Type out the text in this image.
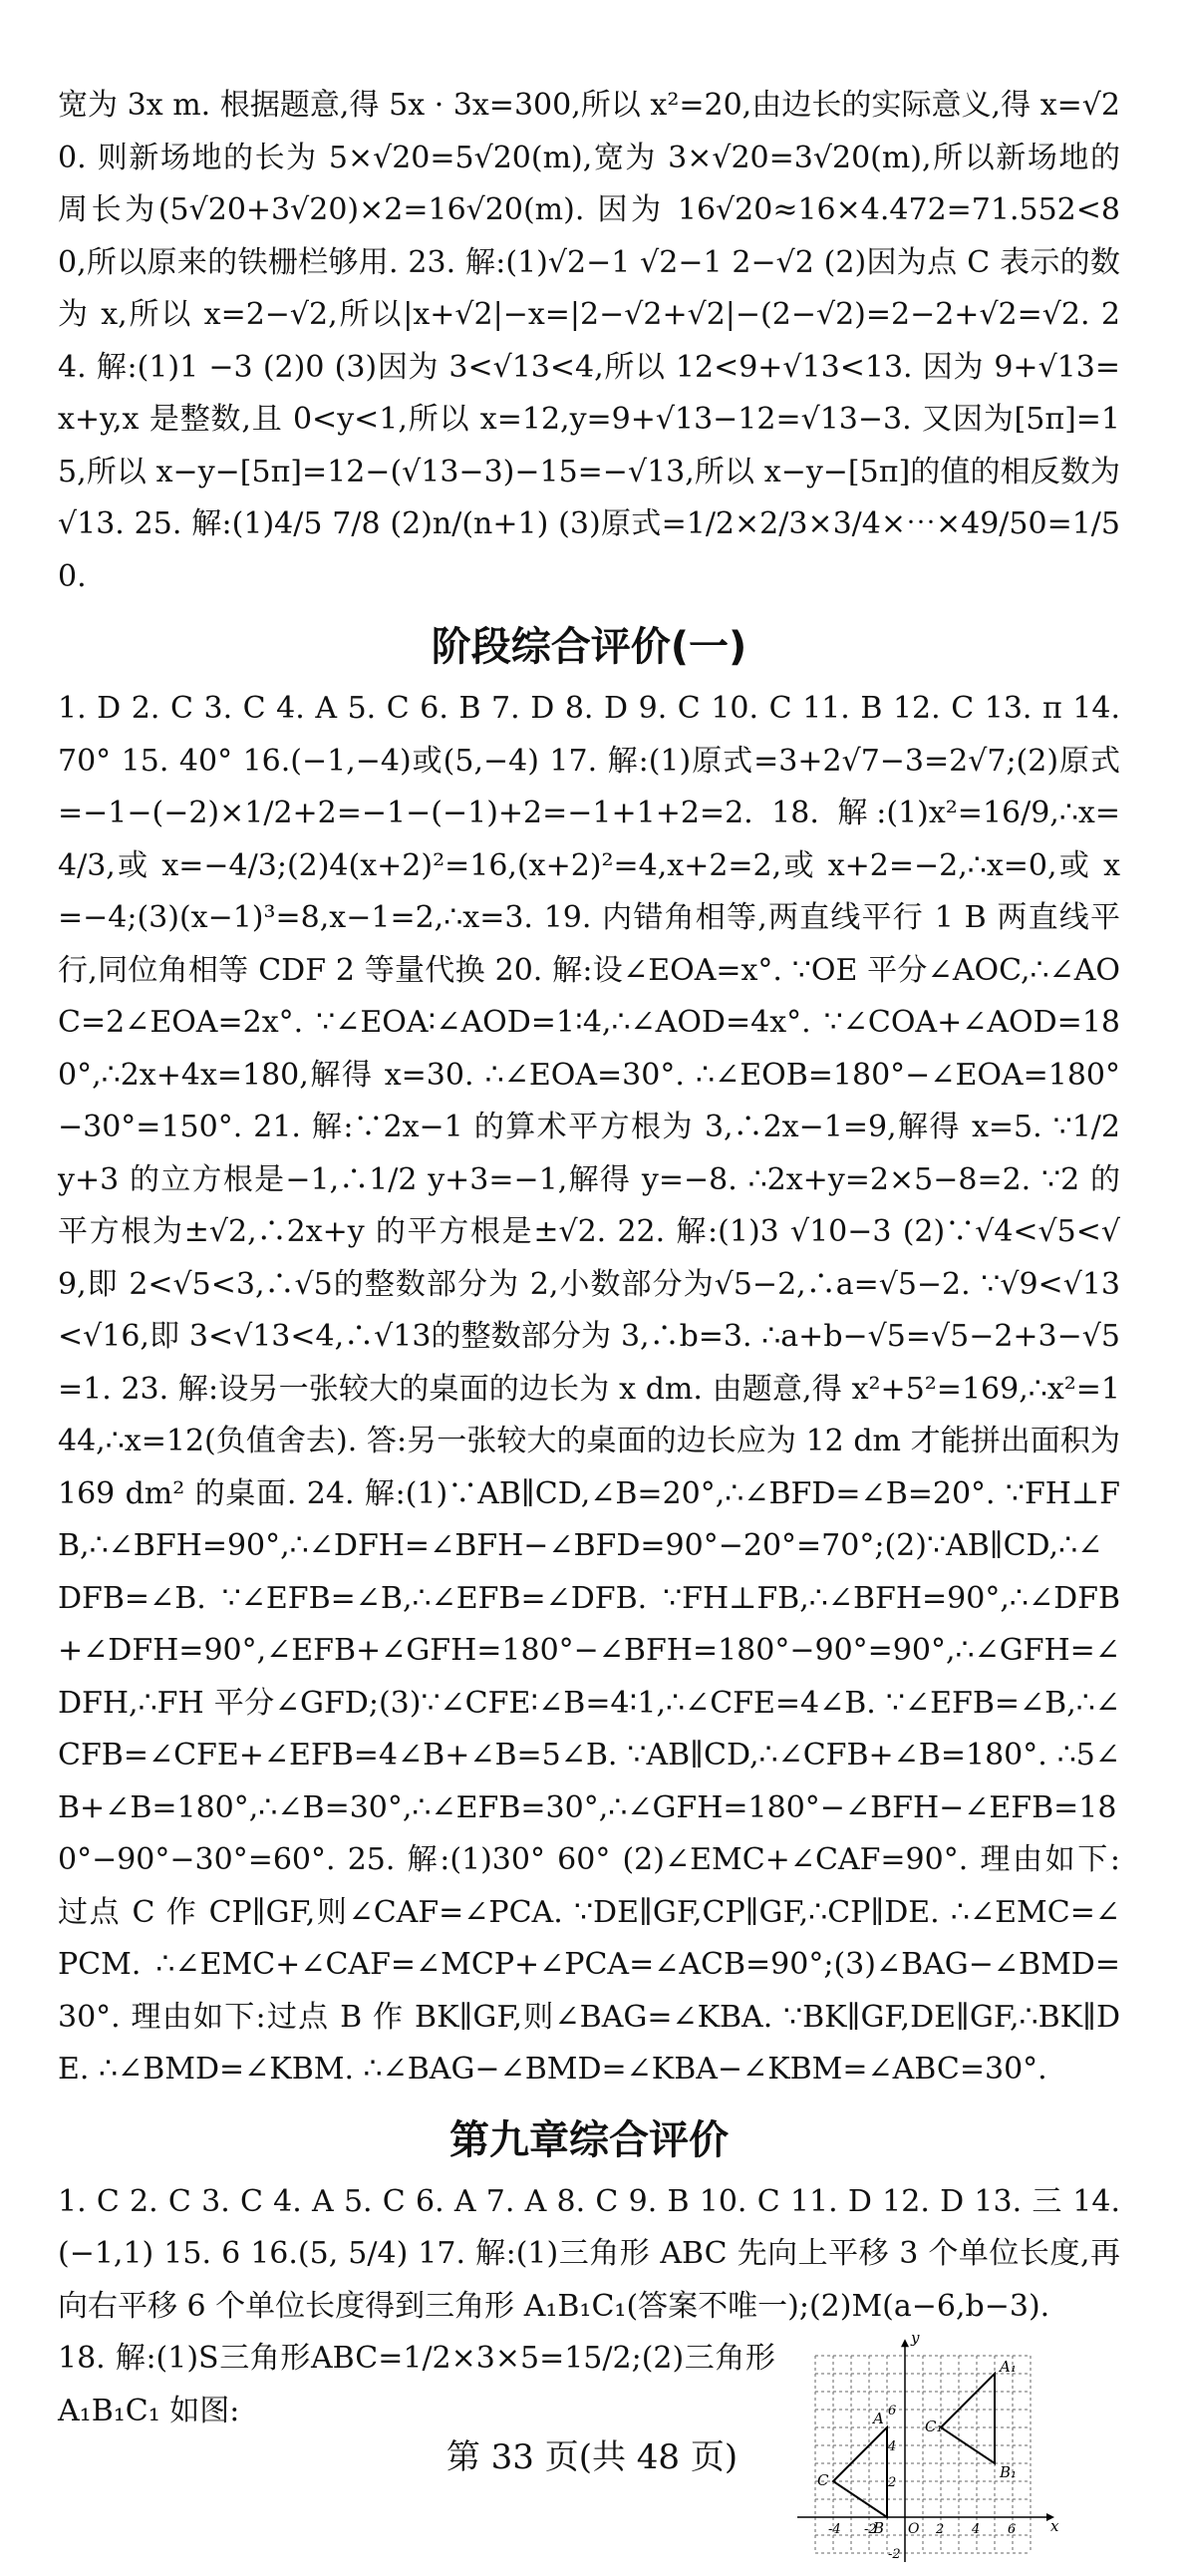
宽为 3x m. 根据题意,得 5x · 3x=300,所以 x²=20,由边长的实际意义,得 x=√20. 则新场地的长为 5×√20=5√20(m),宽为 3×√20=3√20(m),所以新场地的周长为(5√20+3√20)×2=16√20(m). 因为 16√20≈16×4.472=71.552<80,所以原来的铁栅栏够用. 23. 解:(1)√2−1 √2−1 2−√2 (2)因为点 C 表示的数为 x,所以 x=2−√2,所以|x+√2|−x=|2−√2+√2|−(2−√2)=2−2+√2=√2. 24. 解:(1)1 −3 (2)0 (3)因为 3<√13<4,所以 12<9+√13<13. 因为 9+√13=x+y,x 是整数,且 0<y<1,所以 x=12,y=9+√13−12=√13−3. 又因为[5π]=15,所以 x−y−[5π]=12−(√13−3)−15=−√13,所以 x−y−[5π]的值的相反数为 √13. 25. 解:(1)4/5 7/8 (2)n/(n+1) (3)原式=1/2×2/3×3/4×⋯×49/50=1/50.

阶段综合评价(一)

1. D 2. C 3. C 4. A 5. C 6. B 7. D 8. D 9. C 10. C 11. B 12. C 13. π 14. 70° 15. 40° 16.(−1,−4)或(5,−4) 17. 解:(1)原式=3+2√7−3=2√7;(2)原式=−1−(−2)×1/2+2=−1−(−1)+2=−1+1+2=2. 18. 解:(1)x²=16/9,∴x=4/3,或 x=−4/3;(2)4(x+2)²=16,(x+2)²=4,x+2=2,或 x+2=−2,∴x=0,或 x=−4;(3)(x−1)³=8,x−1=2,∴x=3. 19. 内错角相等,两直线平行 1 B 两直线平行,同位角相等 CDF 2 等量代换 20. 解:设∠EOA=x°. ∵OE 平分∠AOC,∴∠AOC=2∠EOA=2x°. ∵∠EOA∶∠AOD=1∶4,∴∠AOD=4x°. ∵∠COA+∠AOD=180°,∴2x+4x=180,解得 x=30. ∴∠EOA=30°. ∴∠EOB=180°−∠EOA=180°−30°=150°. 21. 解:∵2x−1 的算术平方根为 3,∴2x−1=9,解得 x=5. ∵1/2 y+3 的立方根是−1,∴1/2 y+3=−1,解得 y=−8. ∴2x+y=2×5−8=2. ∵2 的平方根为±√2,∴2x+y 的平方根是±√2. 22. 解:(1)3 √10−3 (2)∵√4<√5<√9,即 2<√5<3,∴√5的整数部分为 2,小数部分为√5−2,∴a=√5−2. ∵√9<√13<√16,即 3<√13<4,∴√13的整数部分为 3,∴b=3. ∴a+b−√5=√5−2+3−√5=1. 23. 解:设另一张较大的桌面的边长为 x dm. 由题意,得 x²+5²=169,∴x²=144,∴x=12(负值舍去). 答:另一张较大的桌面的边长应为 12 dm 才能拼出面积为 169 dm² 的桌面. 24. 解:(1)∵AB∥CD,∠B=20°,∴∠BFD=∠B=20°. ∵FH⊥FB,∴∠BFH=90°,∴∠DFH=∠BFH−∠BFD=90°−20°=70°;(2)∵AB∥CD,∴∠DFB=∠B. ∵∠EFB=∠B,∴∠EFB=∠DFB. ∵FH⊥FB,∴∠BFH=90°,∴∠DFB+∠DFH=90°,∠EFB+∠GFH=180°−∠BFH=180°−90°=90°,∴∠GFH=∠DFH,∴FH 平分∠GFD;(3)∵∠CFE∶∠B=4∶1,∴∠CFE=4∠B. ∵∠EFB=∠B,∴∠CFB=∠CFE+∠EFB=4∠B+∠B=5∠B. ∵AB∥CD,∴∠CFB+∠B=180°. ∴5∠B+∠B=180°,∴∠B=30°,∴∠EFB=30°,∴∠GFH=180°−∠BFH−∠EFB=180°−90°−30°=60°. 25. 解:(1)30° 60° (2)∠EMC+∠CAF=90°. 理由如下:过点 C 作 CP∥GF,则∠CAF=∠PCA. ∵DE∥GF,CP∥GF,∴CP∥DE. ∴∠EMC=∠PCM. ∴∠EMC+∠CAF=∠MCP+∠PCA=∠ACB=90°;(3)∠BAG−∠BMD=30°. 理由如下:过点 B 作 BK∥GF,则∠BAG=∠KBA. ∵BK∥GF,DE∥GF,∴BK∥DE. ∴∠BMD=∠KBM. ∴∠BAG−∠BMD=∠KBA−∠KBM=∠ABC=30°.

第九章综合评价

1. C 2. C 3. C 4. A 5. C 6. A 7. A 8. C 9. B 10. C 11. D 12. D 13. 三 14.(−1,1) 15. 6 16.(5, 5/4) 17. 解:(1)三角形 ABC 先向上平移 3 个单位长度,再向右平移 6 个单位长度得到三角形 A₁B₁C₁(答案不唯一);(2)M(a−6,b−3).

18. 解:(1)S三角形ABC=1/2×3×5=15/2;(2)三角形 A₁B₁C₁ 如图:

x
y
O
-4 -2	2 4 6
6
4
2
-2
A
A₁
B
B₁
C
C₁
第 33 页(共 48 页)
